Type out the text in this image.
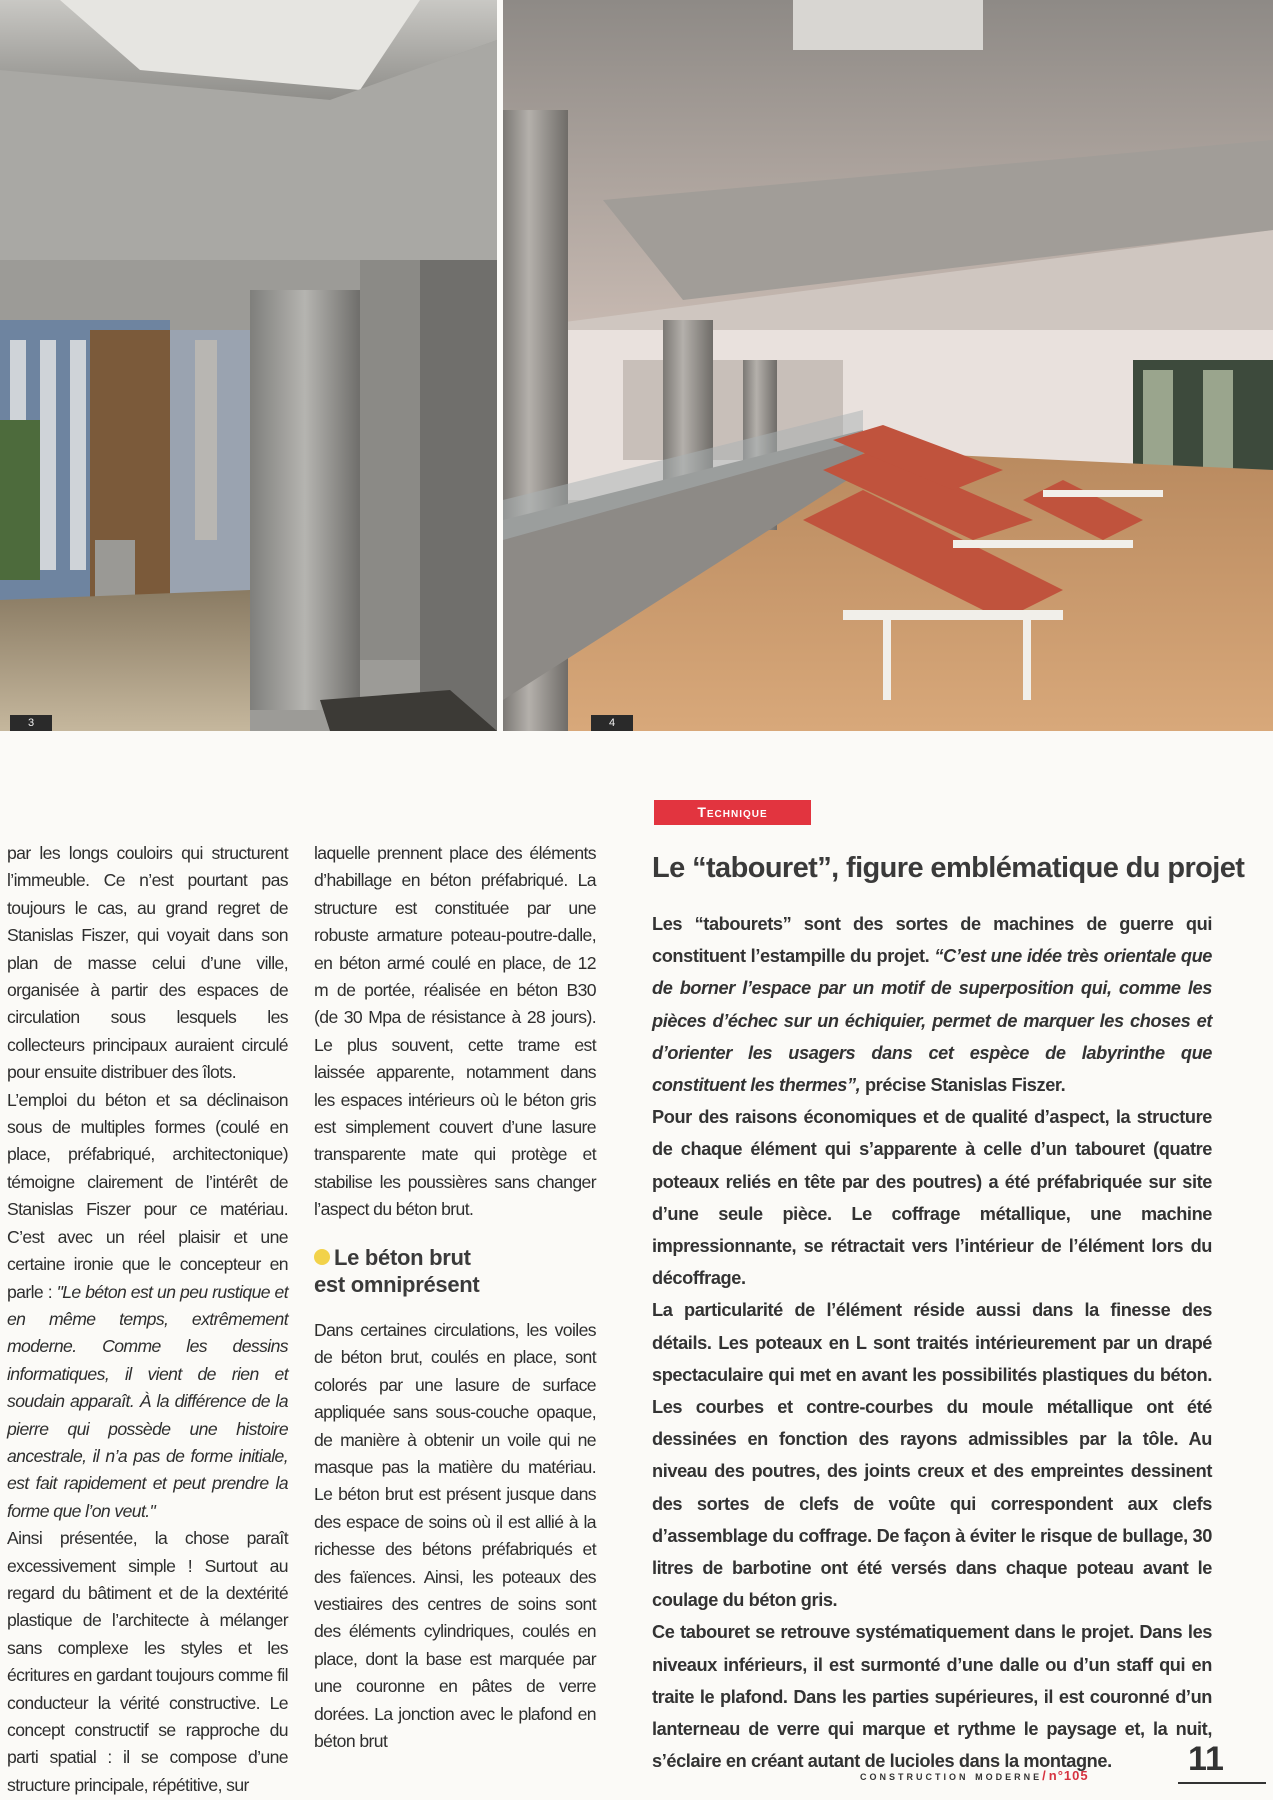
3	4

par les longs couloirs qui structurent l’immeuble. Ce n’est pourtant pas toujours le cas, au grand regret de Stanislas Fiszer, qui voyait dans son plan de masse celui d’une ville, organisée à partir des espaces de circulation sous lesquels les collecteurs principaux auraient circulé pour ensuite distribuer des îlots.

L’emploi du béton et sa déclinaison sous de multiples formes (coulé en place, préfabriqué, architectonique) témoigne clairement de l’intérêt de Stanislas Fiszer pour ce matériau. C’est avec un réel plaisir et une certaine ironie que le concepteur en parle : "Le béton est un peu rustique et en même temps, extrêmement moderne. Comme les dessins informatiques, il vient de rien et soudain apparaît. À la différence de la pierre qui possède une histoire ancestrale, il n’a pas de forme initiale, est fait rapidement et peut prendre la forme que l’on veut."

Ainsi présentée, la chose paraît excessivement simple ! Surtout au regard du bâtiment et de la dextérité plastique de l’architecte à mélanger sans complexe les styles et les écritures en gardant toujours comme fil conducteur la vérité constructive. Le concept constructif se rapproche du parti spatial : il se compose d’une structure principale, répétitive, sur

laquelle prennent place des éléments d’habillage en béton préfabriqué. La structure est constituée par une robuste armature poteau-poutre-dalle, en béton armé coulé en place, de 12 m de portée, réalisée en béton B30 (de 30 Mpa de résistance à 28 jours). Le plus souvent, cette trame est laissée apparente, notamment dans les espaces intérieurs où le béton gris est simplement couvert d’une lasure transparente mate qui protège et stabilise les poussières sans changer l’aspect du béton brut.

Le béton brut
est omniprésent

Dans certaines circulations, les voiles de béton brut, coulés en place, sont colorés par une lasure de surface appliquée sans sous-couche opaque, de manière à obtenir un voile qui ne masque pas la matière du matériau. Le béton brut est présent jusque dans des espace de soins où il est allié à la richesse des bétons préfabriqués et des faïences. Ainsi, les poteaux des vestiaires des centres de soins sont des éléments cylindriques, coulés en place, dont la base est marquée par une couronne en pâtes de verre dorées. La jonction avec le plafond en béton brut

Technique
Le “tabouret”, figure emblématique du projet

Les “tabourets” sont des sortes de machines de guerre qui constituent l’estampille du projet. “C’est une idée très orientale que de borner l’espace par un motif de superposition qui, comme les pièces d’échec sur un échiquier, permet de marquer les choses et d’orienter les usagers dans cet espèce de labyrinthe que constituent les thermes”, précise Stanislas Fiszer.

Pour des raisons économiques et de qualité d’aspect, la structure de chaque élément qui s’apparente à celle d’un tabouret (quatre poteaux reliés en tête par des poutres) a été préfabriquée sur site d’une seule pièce. Le coffrage métallique, une machine impressionnante, se rétractait vers l’intérieur de l’élément lors du décoffrage.

La particularité de l’élément réside aussi dans la finesse des détails. Les poteaux en L sont traités intérieurement par un drapé spectaculaire qui met en avant les possibilités plastiques du béton. Les courbes et contre-courbes du moule métallique ont été dessinées en fonction des rayons admissibles par la tôle. Au niveau des poutres, des joints creux et des empreintes dessinent des sortes de clefs de voûte qui correspondent aux clefs d’assemblage du coffrage. De façon à éviter le risque de bullage, 30 litres de barbotine ont été versés dans chaque poteau avant le coulage du béton gris.

Ce tabouret se retrouve systématiquement dans le projet. Dans les niveaux inférieurs, il est surmonté d’une dalle ou d’un staff qui en traite le plafond. Dans les parties supérieures, il est couronné d’un lanterneau de verre qui marque et rythme le paysage et, la nuit, s’éclaire en créant autant de lucioles dans la montagne.

construction moderne/n°105	11
